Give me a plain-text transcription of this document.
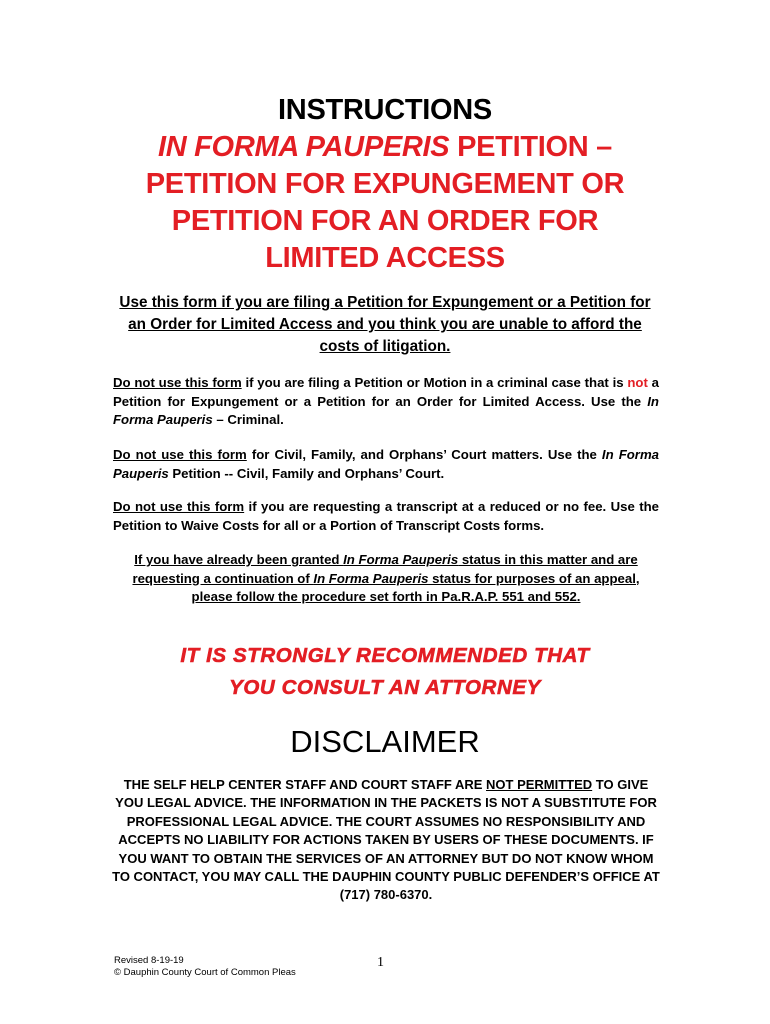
INSTRUCTIONS
IN FORMA PAUPERIS PETITION –
PETITION FOR EXPUNGEMENT OR
PETITION FOR AN ORDER FOR
LIMITED ACCESS
Use this form if you are filing a Petition for Expungement or a Petition for an Order for Limited Access and you think you are unable to afford the costs of litigation.
Do not use this form if you are filing a Petition or Motion in a criminal case that is not a Petition for Expungement or a Petition for an Order for Limited Access. Use the In Forma Pauperis – Criminal.
Do not use this form for Civil, Family, and Orphans’ Court matters. Use the In Forma Pauperis Petition -- Civil, Family and Orphans’ Court.
Do not use this form if you are requesting a transcript at a reduced or no fee. Use the Petition to Waive Costs for all or a Portion of Transcript Costs forms.
If you have already been granted In Forma Pauperis status in this matter and are requesting a continuation of In Forma Pauperis status for purposes of an appeal, please follow the procedure set forth in Pa.R.A.P. 551 and 552.
IT IS STRONGLY RECOMMENDED THAT
YOU CONSULT AN ATTORNEY
DISCLAIMER
THE SELF HELP CENTER STAFF AND COURT STAFF ARE NOT PERMITTED TO GIVE YOU LEGAL ADVICE. THE INFORMATION IN THE PACKETS IS NOT A SUBSTITUTE FOR PROFESSIONAL LEGAL ADVICE. THE COURT ASSUMES NO RESPONSIBILITY AND ACCEPTS NO LIABILITY FOR ACTIONS TAKEN BY USERS OF THESE DOCUMENTS. IF YOU WANT TO OBTAIN THE SERVICES OF AN ATTORNEY BUT DO NOT KNOW WHOM TO CONTACT, YOU MAY CALL THE DAUPHIN COUNTY PUBLIC DEFENDER’S OFFICE AT (717) 780-6370.
Revised 8-19-19
© Dauphin County Court of Common Pleas
1
